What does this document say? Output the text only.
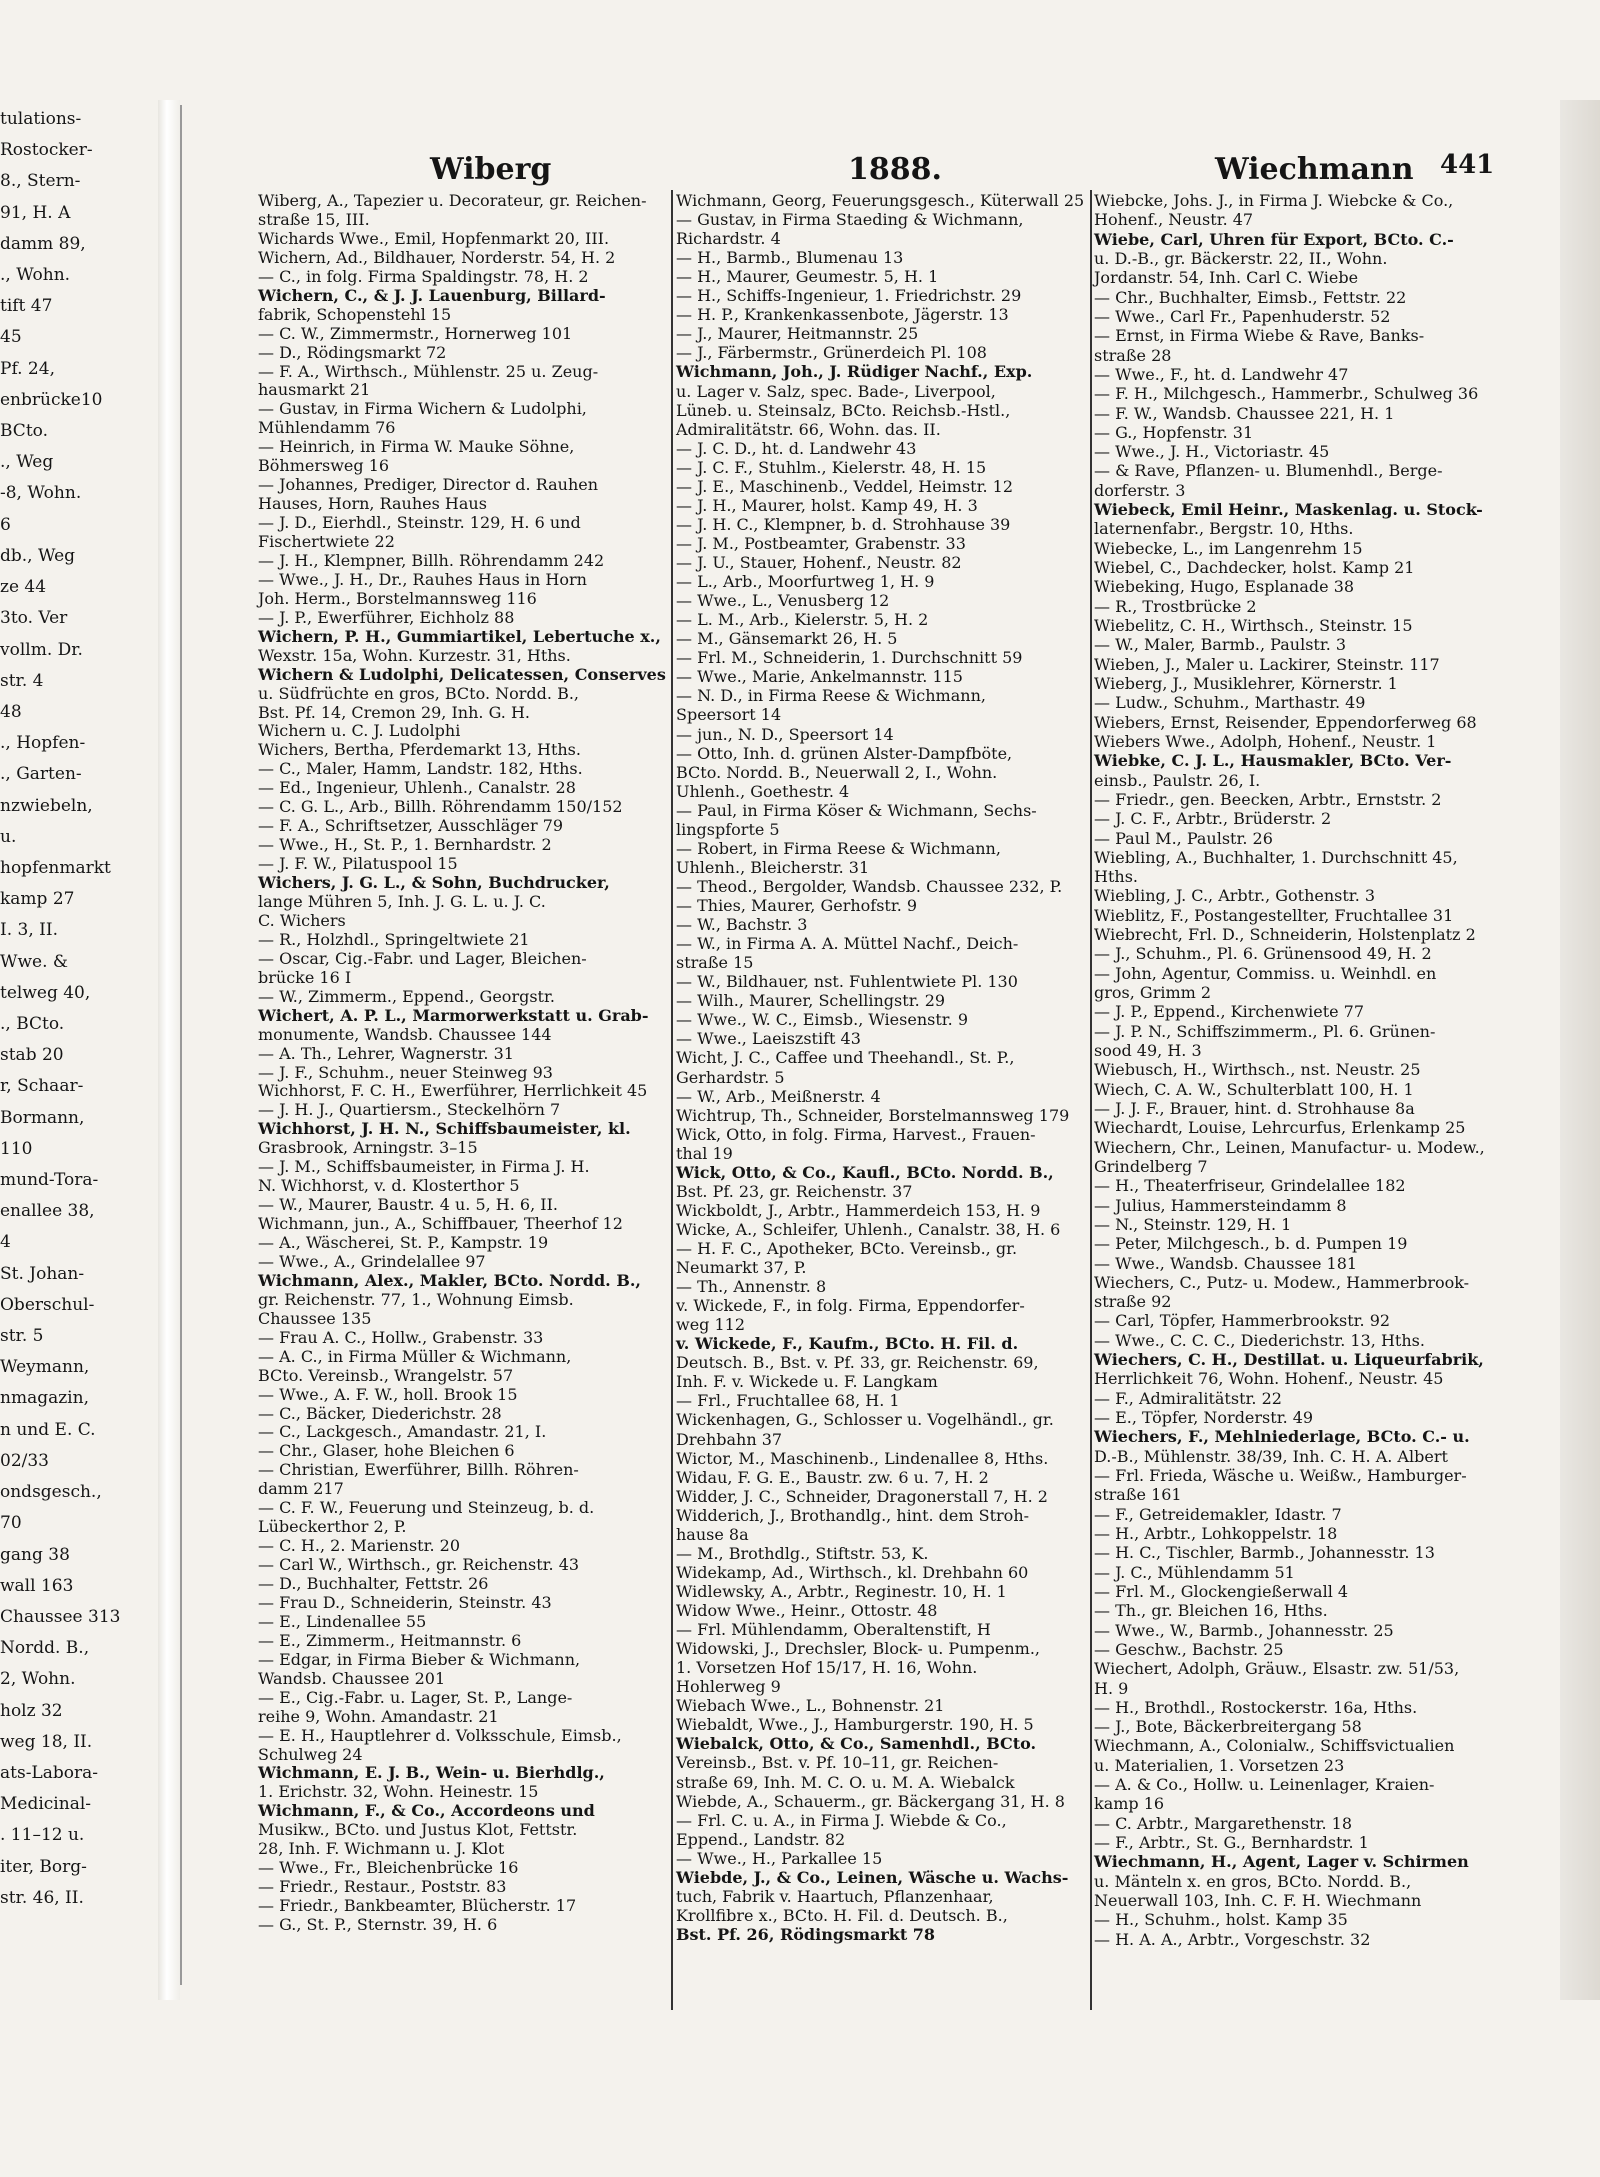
tulations-
Rostocker-
8., Stern-
91, H. A
damm 89,
., Wohn.
tift 47
45
Pf. 24,
enbrücke10
BCto.
., Weg
-8, Wohn.
6
db., Weg
ze 44
3to. Ver
vollm. Dr.
str. 4
48
., Hopfen-
., Garten-
nzwiebeln,
u.
hopfenmarkt
kamp 27
I. 3, II.
Wwe. &
telweg 40,
., BCto.
stab 20
r, Schaar-
Bormann,
110
mund-Tora-
enallee 38,
4
St. Johan-
Oberschul-
str. 5
Weymann,
nmagazin,
n und E. C.
02/33
ondsgesch.,
70
gang 38
wall 163
Chaussee 313
Nordd. B.,
2, Wohn.
holz 32
weg 18, II.
ats-Labora-
Medicinal-
. 11–12 u.
iter, Borg-
str. 46, II.
Wiberg	1888.	Wiechmann 441
Wiberg, A., Tapezier u. Decorateur, gr. Reichen-
straße 15, III.
Wichards Wwe., Emil, Hopfenmarkt 20, III.
Wichern, Ad., Bildhauer, Norderstr. 54, H. 2
— C., in folg. Firma Spaldingstr. 78, H. 2
Wichern, C., & J. J. Lauenburg, Billard-
fabrik, Schopenstehl 15
— C. W., Zimmermstr., Hornerweg 101
— D., Rödingsmarkt 72
— F. A., Wirthsch., Mühlenstr. 25 u. Zeug-
hausmarkt 21
— Gustav, in Firma Wichern & Ludolphi,
Mühlendamm 76
— Heinrich, in Firma W. Mauke Söhne,
Böhmersweg 16
— Johannes, Prediger, Director d. Rauhen
Hauses, Horn, Rauhes Haus
— J. D., Eierhdl., Steinstr. 129, H. 6 und
Fischertwiete 22
— J. H., Klempner, Billh. Röhrendamm 242
— Wwe., J. H., Dr., Rauhes Haus in Horn
Joh. Herm., Borstelmannsweg 116
— J. P., Ewerführer, Eichholz 88
Wichern, P. H., Gummiartikel, Lebertuche x.,
Wexstr. 15a, Wohn. Kurzestr. 31, Hths.
Wichern & Ludolphi, Delicatessen, Conserves
u. Südfrüchte en gros, BCto. Nordd. B.,
Bst. Pf. 14, Cremon 29, Inh. G. H.
Wichern u. C. J. Ludolphi
Wichers, Bertha, Pferdemarkt 13, Hths.
— C., Maler, Hamm, Landstr. 182, Hths.
— Ed., Ingenieur, Uhlenh., Canalstr. 28
— C. G. L., Arb., Billh. Röhrendamm 150/152
— F. A., Schriftsetzer, Ausschläger 79
— Wwe., H., St. P., 1. Bernhardstr. 2
— J. F. W., Pilatuspool 15
Wichers, J. G. L., & Sohn, Buchdrucker,
lange Mühren 5, Inh. J. G. L. u. J. C.
C. Wichers
— R., Holzhdl., Springeltwiete 21
— Oscar, Cig.-Fabr. und Lager, Bleichen-
brücke 16 I
— W., Zimmerm., Eppend., Georgstr.
Wichert, A. P. L., Marmorwerkstatt u. Grab-
monumente, Wandsb. Chaussee 144
— A. Th., Lehrer, Wagnerstr. 31
— J. F., Schuhm., neuer Steinweg 93
Wichhorst, F. C. H., Ewerführer, Herrlichkeit 45
— J. H. J., Quartiersm., Steckelhörn 7
Wichhorst, J. H. N., Schiffsbaumeister, kl.
Grasbrook, Arningstr. 3–15
— J. M., Schiffsbaumeister, in Firma J. H.
N. Wichhorst, v. d. Klosterthor 5
— W., Maurer, Baustr. 4 u. 5, H. 6, II.
Wichmann, jun., A., Schiffbauer, Theerhof 12
— A., Wäscherei, St. P., Kampstr. 19
— Wwe., A., Grindelallee 97
Wichmann, Alex., Makler, BCto. Nordd. B.,
gr. Reichenstr. 77, 1., Wohnung Eimsb.
Chaussee 135
— Frau A. C., Hollw., Grabenstr. 33
— A. C., in Firma Müller & Wichmann,
BCto. Vereinsb., Wrangelstr. 57
— Wwe., A. F. W., holl. Brook 15
— C., Bäcker, Diederichstr. 28
— C., Lackgesch., Amandastr. 21, I.
— Chr., Glaser, hohe Bleichen 6
— Christian, Ewerführer, Billh. Röhren-
damm 217
— C. F. W., Feuerung und Steinzeug, b. d.
Lübeckerthor 2, P.
— C. H., 2. Marienstr. 20
— Carl W., Wirthsch., gr. Reichenstr. 43
— D., Buchhalter, Fettstr. 26
— Frau D., Schneiderin, Steinstr. 43
— E., Lindenallee 55
— E., Zimmerm., Heitmannstr. 6
— Edgar, in Firma Bieber & Wichmann,
Wandsb. Chaussee 201
— E., Cig.-Fabr. u. Lager, St. P., Lange-
reihe 9, Wohn. Amandastr. 21
— E. H., Hauptlehrer d. Volksschule, Eimsb.,
Schulweg 24
Wichmann, E. J. B., Wein- u. Bierhdlg.,
1. Erichstr. 32, Wohn. Heinestr. 15
Wichmann, F., & Co., Accordeons und
Musikw., BCto. und Justus Klot, Fettstr.
28, Inh. F. Wichmann u. J. Klot
— Wwe., Fr., Bleichenbrücke 16
— Friedr., Restaur., Poststr. 83
— Friedr., Bankbeamter, Blücherstr. 17
— G., St. P., Sternstr. 39, H. 6
Wichmann, Georg, Feuerungsgesch., Küterwall 25
— Gustav, in Firma Staeding & Wichmann,
Richardstr. 4
— H., Barmb., Blumenau 13
— H., Maurer, Geumestr. 5, H. 1
— H., Schiffs-Ingenieur, 1. Friedrichstr. 29
— H. P., Krankenkassenbote, Jägerstr. 13
— J., Maurer, Heitmannstr. 25
— J., Färbermstr., Grünerdeich Pl. 108
Wichmann, Joh., J. Rüdiger Nachf., Exp.
u. Lager v. Salz, spec. Bade-, Liverpool,
Lüneb. u. Steinsalz, BCto. Reichsb.-Hstl.,
Admiralitätstr. 66, Wohn. das. II.
— J. C. D., ht. d. Landwehr 43
— J. C. F., Stuhlm., Kielerstr. 48, H. 15
— J. E., Maschinenb., Veddel, Heimstr. 12
— J. H., Maurer, holst. Kamp 49, H. 3
— J. H. C., Klempner, b. d. Strohhause 39
— J. M., Postbeamter, Grabenstr. 33
— J. U., Stauer, Hohenf., Neustr. 82
— L., Arb., Moorfurtweg 1, H. 9
— Wwe., L., Venusberg 12
— L. M., Arb., Kielerstr. 5, H. 2
— M., Gänsemarkt 26, H. 5
— Frl. M., Schneiderin, 1. Durchschnitt 59
— Wwe., Marie, Ankelmannstr. 115
— N. D., in Firma Reese & Wichmann,
Speersort 14
— jun., N. D., Speersort 14
— Otto, Inh. d. grünen Alster-Dampfböte,
BCto. Nordd. B., Neuerwall 2, I., Wohn.
Uhlenh., Goethestr. 4
— Paul, in Firma Köser & Wichmann, Sechs-
lingspforte 5
— Robert, in Firma Reese & Wichmann,
Uhlenh., Bleicherstr. 31
— Theod., Bergolder, Wandsb. Chaussee 232, P.
— Thies, Maurer, Gerhofstr. 9
— W., Bachstr. 3
— W., in Firma A. A. Müttel Nachf., Deich-
straße 15
— W., Bildhauer, nst. Fuhlentwiete Pl. 130
— Wilh., Maurer, Schellingstr. 29
— Wwe., W. C., Eimsb., Wiesenstr. 9
— Wwe., Laeiszstift 43
Wicht, J. C., Caffee und Theehandl., St. P.,
Gerhardstr. 5
— W., Arb., Meißnerstr. 4
Wichtrup, Th., Schneider, Borstelmannsweg 179
Wick, Otto, in folg. Firma, Harvest., Frauen-
thal 19
Wick, Otto, & Co., Kaufl., BCto. Nordd. B.,
Bst. Pf. 23, gr. Reichenstr. 37
Wickboldt, J., Arbtr., Hammerdeich 153, H. 9
Wicke, A., Schleifer, Uhlenh., Canalstr. 38, H. 6
— H. F. C., Apotheker, BCto. Vereinsb., gr.
Neumarkt 37, P.
— Th., Annenstr. 8
v. Wickede, F., in folg. Firma, Eppendorfer-
weg 112
v. Wickede, F., Kaufm., BCto. H. Fil. d.
Deutsch. B., Bst. v. Pf. 33, gr. Reichenstr. 69,
Inh. F. v. Wickede u. F. Langkam
— Frl., Fruchtallee 68, H. 1
Wickenhagen, G., Schlosser u. Vogelhändl., gr.
Drehbahn 37
Wictor, M., Maschinenb., Lindenallee 8, Hths.
Widau, F. G. E., Baustr. zw. 6 u. 7, H. 2
Widder, J. C., Schneider, Dragonerstall 7, H. 2
Widderich, J., Brothandlg., hint. dem Stroh-
hause 8a
— M., Brothdlg., Stiftstr. 53, K.
Widekamp, Ad., Wirthsch., kl. Drehbahn 60
Widlewsky, A., Arbtr., Reginestr. 10, H. 1
Widow Wwe., Heinr., Ottostr. 48
— Frl. Mühlendamm, Oberaltenstift, H
Widowski, J., Drechsler, Block- u. Pumpenm.,
1. Vorsetzen Hof 15/17, H. 16, Wohn.
Hohlerweg 9
Wiebach Wwe., L., Bohnenstr. 21
Wiebaldt, Wwe., J., Hamburgerstr. 190, H. 5
Wiebalck, Otto, & Co., Samenhdl., BCto.
Vereinsb., Bst. v. Pf. 10–11, gr. Reichen-
straße 69, Inh. M. C. O. u. M. A. Wiebalck
Wiebde, A., Schauerm., gr. Bäckergang 31, H. 8
— Frl. C. u. A., in Firma J. Wiebde & Co.,
Eppend., Landstr. 82
— Wwe., H., Parkallee 15
Wiebde, J., & Co., Leinen, Wäsche u. Wachs-
tuch, Fabrik v. Haartuch, Pflanzenhaar,
Krollfibre x., BCto. H. Fil. d. Deutsch. B.,
Bst. Pf. 26, Rödingsmarkt 78
Wiebcke, Johs. J., in Firma J. Wiebcke & Co.,
Hohenf., Neustr. 47
Wiebe, Carl, Uhren für Export, BCto. C.-
u. D.-B., gr. Bäckerstr. 22, II., Wohn.
Jordanstr. 54, Inh. Carl C. Wiebe
— Chr., Buchhalter, Eimsb., Fettstr. 22
— Wwe., Carl Fr., Papenhuderstr. 52
— Ernst, in Firma Wiebe & Rave, Banks-
straße 28
— Wwe., F., ht. d. Landwehr 47
— F. H., Milchgesch., Hammerbr., Schulweg 36
— F. W., Wandsb. Chaussee 221, H. 1
— G., Hopfenstr. 31
— Wwe., J. H., Victoriastr. 45
— & Rave, Pflanzen- u. Blumenhdl., Berge-
dorferstr. 3
Wiebeck, Emil Heinr., Maskenlag. u. Stock-
laternenfabr., Bergstr. 10, Hths.
Wiebecke, L., im Langenrehm 15
Wiebel, C., Dachdecker, holst. Kamp 21
Wiebeking, Hugo, Esplanade 38
— R., Trostbrücke 2
Wiebelitz, C. H., Wirthsch., Steinstr. 15
— W., Maler, Barmb., Paulstr. 3
Wieben, J., Maler u. Lackirer, Steinstr. 117
Wieberg, J., Musiklehrer, Körnerstr. 1
— Ludw., Schuhm., Marthastr. 49
Wiebers, Ernst, Reisender, Eppendorferweg 68
Wiebers Wwe., Adolph, Hohenf., Neustr. 1
Wiebke, C. J. L., Hausmakler, BCto. Ver-
einsb., Paulstr. 26, I.
— Friedr., gen. Beecken, Arbtr., Ernststr. 2
— J. C. F., Arbtr., Brüderstr. 2
— Paul M., Paulstr. 26
Wiebling, A., Buchhalter, 1. Durchschnitt 45,
Hths.
Wiebling, J. C., Arbtr., Gothenstr. 3
Wieblitz, F., Postangestellter, Fruchtallee 31
Wiebrecht, Frl. D., Schneiderin, Holstenplatz 2
— J., Schuhm., Pl. 6. Grünensood 49, H. 2
— John, Agentur, Commiss. u. Weinhdl. en
gros, Grimm 2
— J. P., Eppend., Kirchenwiete 77
— J. P. N., Schiffszimmerm., Pl. 6. Grünen-
sood 49, H. 3
Wiebusch, H., Wirthsch., nst. Neustr. 25
Wiech, C. A. W., Schulterblatt 100, H. 1
— J. J. F., Brauer, hint. d. Strohhause 8a
Wiechardt, Louise, Lehrcurfus, Erlenkamp 25
Wiechern, Chr., Leinen, Manufactur- u. Modew.,
Grindelberg 7
— H., Theaterfriseur, Grindelallee 182
— Julius, Hammersteindamm 8
— N., Steinstr. 129, H. 1
— Peter, Milchgesch., b. d. Pumpen 19
— Wwe., Wandsb. Chaussee 181
Wiechers, C., Putz- u. Modew., Hammerbrook-
straße 92
— Carl, Töpfer, Hammerbrookstr. 92
— Wwe., C. C. C., Diederichstr. 13, Hths.
Wiechers, C. H., Destillat. u. Liqueurfabrik,
Herrlichkeit 76, Wohn. Hohenf., Neustr. 45
— F., Admiralitätstr. 22
— E., Töpfer, Norderstr. 49
Wiechers, F., Mehlniederlage, BCto. C.- u.
D.-B., Mühlenstr. 38/39, Inh. C. H. A. Albert
— Frl. Frieda, Wäsche u. Weißw., Hamburger-
straße 161
— F., Getreidemakler, Idastr. 7
— H., Arbtr., Lohkoppelstr. 18
— H. C., Tischler, Barmb., Johannesstr. 13
— J. C., Mühlendamm 51
— Frl. M., Glockengießerwall 4
— Th., gr. Bleichen 16, Hths.
— Wwe., W., Barmb., Johannesstr. 25
— Geschw., Bachstr. 25
Wiechert, Adolph, Gräuw., Elsastr. zw. 51/53,
H. 9
— H., Brothdl., Rostockerstr. 16a, Hths.
— J., Bote, Bäckerbreitergang 58
Wiechmann, A., Colonialw., Schiffsvictualien
u. Materialien, 1. Vorsetzen 23
— A. & Co., Hollw. u. Leinenlager, Kraien-
kamp 16
— C. Arbtr., Margarethenstr. 18
— F., Arbtr., St. G., Bernhardstr. 1
Wiechmann, H., Agent, Lager v. Schirmen
u. Mänteln x. en gros, BCto. Nordd. B.,
Neuerwall 103, Inh. C. F. H. Wiechmann
— H., Schuhm., holst. Kamp 35
— H. A. A., Arbtr., Vorgeschstr. 32
